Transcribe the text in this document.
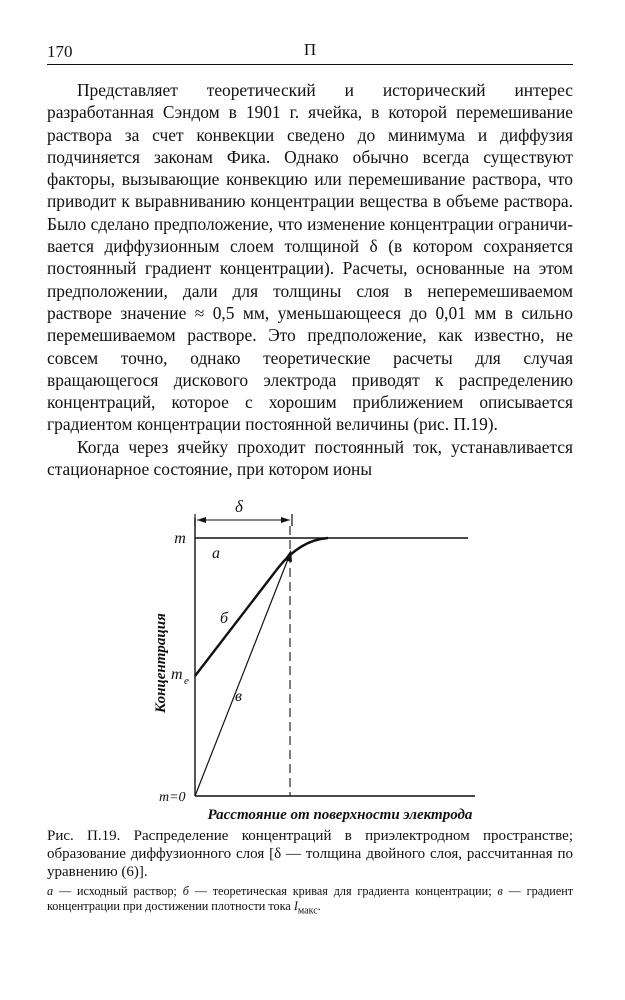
170	П

Представляет теоретический и исторический интерес разработанная Сэндом в 1901 г. ячейка, в которой перемешивание раствора за счет конвекции сведено до минимума и диффузия подчиняется законам Фика. Однако обычно всегда существуют факторы, вызывающие конвекцию или перемешивание раствора, что приводит к выравниванию концентрации вещества в объеме раствора. Было сделано предположение, что изменение концентрации ограничивается диффузионным слоем толщиной δ (в котором сохраняется постоянный градиент концентрации). Расчеты, основанные на этом предположении, дали для толщины слоя в неперемешиваемом растворе значение ≈ 0,5 мм, уменьшающееся до 0,01 мм в сильно перемешиваемом растворе. Это предположение, как известно, не совсем точно, однако теоретические расчеты для случая вращающегося дискового электрода приводят к распределению концентраций, которое с хорошим приближением описывается градиентом концентрации постоянной величины (рис. П.19).

Когда через ячейку проходит постоянный ток, устанавливается стационарное состояние, при котором ионы

δ
m
а
б
в
m e
m=0
Концентрация
Расстояние от поверхности электрода
Рис. П.19. Распределение концентраций в приэлектродном пространстве; образование диффузионного слоя [δ — толщина двойного слоя, рассчитанная по уравнению (6)].
а — исходный раствор; б — теоретическая кривая для градиента концентрации; в — градиент концентрации при достижении плотности тока $I_{макс}$.
